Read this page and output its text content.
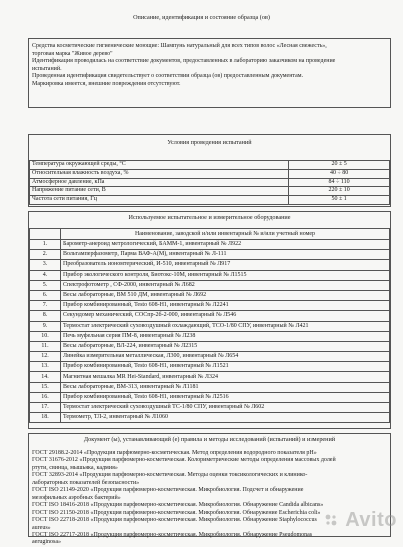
Описание, идентификация и состояние образца (ов)
Средства косметические гигиенические моющие: Шампунь натуральный для всех типов волос «Лесная свежесть»,
торговая марка "Живое дерево"
Идентификация проводилась на соответствие документов, предоставленных в лабораторию заказчиком на проведение
испытаний.
Проведенная идентификация свидетельствует о соответствии образца (ов) предоставленным документам.
Маркировка имеется, внешние повреждения отсутствуют.
Условия проведения испытаний
Температура окружающей среды, °С	20 ± 5
Относительная влажность воздуха, %	40 ÷ 80
Атмосферное давление, кПа	84 ÷ 110
Напряжение питание сети, В	220 ± 10
Частота сети питания, Гц	50 ± 1
Используемое испытательное и измерительное оборудование
	Наименование, заводской и/или инвентарный № и/или учетный номер
1.	Барометр-анероид метрологический, БАММ-1, инвентарный № Л922
2.	Вольтамперфазометр, Парма ВАФ-А(М), инвентарный № Л-111
3.	Преобразователь иономтерический, И-510, инвентарный № Л917
4.	Прибор экологического контроля, Биотокс-10М, инвентарный № Л1515
5.	Спектрофотометр , СФ-2000, инвентарный № Л682
6.	Весы лабораторные, ВМ 510 ДМ, инвентарный № Л692
7.	Прибор комбинированный, Testo 608-Н1, инвентарный № Л2241
8.	Секундомер механический, СОСпр-2б-2-000, инвентарный № Л546
9.	Термостат электрический суховоздушный охлаждающий, ТСО-1/80 СПУ, инвентарный № Л421
10.	Печь муфельная серия ПМ-8, инвентарный № Л238
11.	Весы лабораторные, ВЛ-224, инвентарный № Л2315
12.	Линейка измерительная металлическая, Л300, инвентарный № Л654
13.	Прибор комбинированный, Testo 608-Н1, инвентарный № Л1521
14.	Магнитная мешалка MR Hei-Standard, инвентарный № Л324
15.	Весы лабораторные, ВМ-313, инвентарный № Л1181
16.	Прибор комбинированный, Testo 608-Н1, инвентарный № Л2516
17.	Термостат электрический суховоздушный ТС-1/80 СПУ, инвентарный № Л602
18.	Термометр, ТЛ-2, инвентарный № Л1060
Документ (ы), устанавливающий (е) правила и методы исследований (испытаний) и измерений
ГОСТ 29188.2-2014 «Продукция парфюмерно-косметическая. Метод определения водородного показателя pH»
ГОСТ 31676-2012 «Продукция парфюмерно-косметическая. Колориметрические методы определения массовых долей
ртути, свинца, мышьяка, кадмия»
ГОСТ 32893-2014 «Продукция парфюмерно-косметическая. Методы оценки токсикологических и клинико-
лабораторных показателей безопасности»
ГОСТ ISO 21149-2020 «Продукция парфюмерно-косметическая. Микробиология. Подсчет и обнаружение
мезофильных аэробных бактерий»
ГОСТ ISO 18416-2018 «Продукция парфюмерно-косметическая. Микробиология. Обнаружение Candida albicans»
ГОСТ ISO 21150-2018 «Продукция парфюмерно-косметическая. Микробиология. Обнаружение Escherichia coli»
ГОСТ ISO 22718-2018 «Продукция парфюмерно-косметическая. Микробиология. Обнаружение Staphylococcus
aureus»
ГОСТ ISO 22717-2018 «Продукция парфюмерно-косметическая. Микробиология. Обнаружение Pseudomonas
aeruginosa»
Avito
